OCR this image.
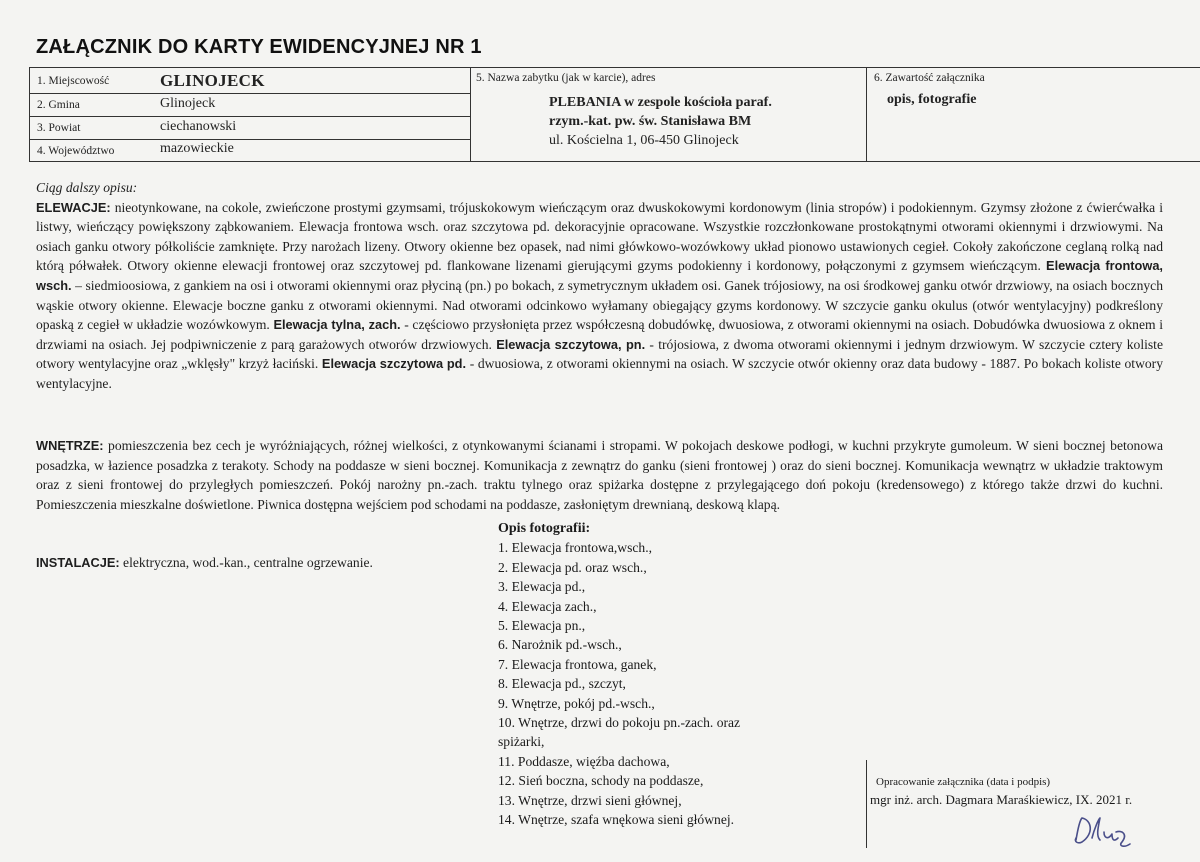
ZAŁĄCZNIK DO KARTY EWIDENCYJNEJ NR 1
1. Miejscowość	GLINOJECK
2. Gmina	Glinojeck
3. Powiat	ciechanowski
4. Województwo	mazowieckie
5. Nazwa zabytku (jak w karcie), adres
PLEBANIA w zespole kościoła paraf.
rzym.-kat. pw. św. Stanisława BM
ul. Kościelna 1, 06-450 Glinojeck
6. Zawartość załącznika
opis, fotografie
Ciąg dalszy opisu:
ELEWACJE: nieotynkowane, na cokole, zwieńczone prostymi gzymsami, trójuskokowym wieńczącym oraz dwuskokowymi kordonowym (linia stropów) i podokiennym. Gzymsy złożone z ćwierćwałka i listwy, wieńczący powiększony ząbkowaniem. Elewacja frontowa wsch. oraz szczytowa pd. dekoracyjnie opracowane. Wszystkie rozczłonkowane prostokątnymi otworami okiennymi i drzwiowymi. Na osiach ganku otwory półkoliście zamknięte. Przy narożach lizeny. Otwory okienne bez opasek, nad nimi główkowo-wozówkowy układ pionowo ustawionych cegieł. Cokoły zakończone ceglaną rolką nad którą półwałek. Otwory okienne elewacji frontowej oraz szczytowej pd. flankowane lizenami gierującymi gzyms podokienny i kordonowy, połączonymi z gzymsem wieńczącym. Elewacja frontowa, wsch. – siedmioosiowa, z gankiem na osi i otworami okiennymi oraz płyciną (pn.) po bokach, z symetrycznym układem osi. Ganek trójosiowy, na osi środkowej ganku otwór drzwiowy, na osiach bocznych wąskie otwory okienne. Elewacje boczne ganku z otworami okiennymi. Nad otworami odcinkowo wyłamany obiegający gzyms kordonowy. W szczycie ganku okulus (otwór wentylacyjny) podkreślony opaską z cegieł w układzie wozówkowym. Elewacja tylna, zach. - częściowo przysłonięta przez współczesną dobudówkę, dwuosiowa, z otworami okiennymi na osiach. Dobudówka dwuosiowa z oknem i drzwiami na osiach. Jej podpiwniczenie z parą garażowych otworów drzwiowych. Elewacja szczytowa, pn. - trójosiowa, z dwoma otworami okiennymi i jednym drzwiowym. W szczycie cztery koliste otwory wentylacyjne oraz „wklęsły" krzyż łaciński. Elewacja szczytowa pd. - dwuosiowa, z otworami okiennymi na osiach. W szczycie otwór okienny oraz data budowy - 1887. Po bokach koliste otwory wentylacyjne.
WNĘTRZE: pomieszczenia bez cech je wyróżniających, różnej wielkości, z otynkowanymi ścianami i stropami. W pokojach deskowe podłogi, w kuchni przykryte gumoleum. W sieni bocznej betonowa posadzka, w łazience posadzka z terakoty. Schody na poddasze w sieni bocznej. Komunikacja z zewnątrz do ganku (sieni frontowej ) oraz do sieni bocznej. Komunikacja wewnątrz w układzie traktowym oraz z sieni frontowej do przyległych pomieszczeń. Pokój narożny pn.-zach. traktu tylnego oraz spiżarka dostępne z przylegającego doń pokoju (kredensowego) z którego także drzwi do kuchni. Pomieszczenia mieszkalne doświetlone. Piwnica dostępna wejściem pod schodami na poddasze, zasłoniętym drewnianą, deskową klapą.
INSTALACJE: elektryczna, wod.-kan., centralne ogrzewanie.
Opis fotografii:
1. Elewacja frontowa,wsch.,
2. Elewacja pd. oraz wsch.,
3. Elewacja pd.,
4. Elewacja zach.,
5. Elewacja pn.,
6. Narożnik pd.-wsch.,
7. Elewacja frontowa, ganek,
8. Elewacja pd., szczyt,
9. Wnętrze, pokój pd.-wsch.,
10. Wnętrze, drzwi do pokoju pn.-zach. oraz
spiżarki,
11. Poddasze, więźba dachowa,
12. Sień boczna, schody na poddasze,
13. Wnętrze, drzwi sieni głównej,
14. Wnętrze, szafa wnękowa sieni głównej.
Opracowanie załącznika (data i podpis)
mgr inż. arch. Dagmara Maraśkiewicz, IX. 2021 r.
